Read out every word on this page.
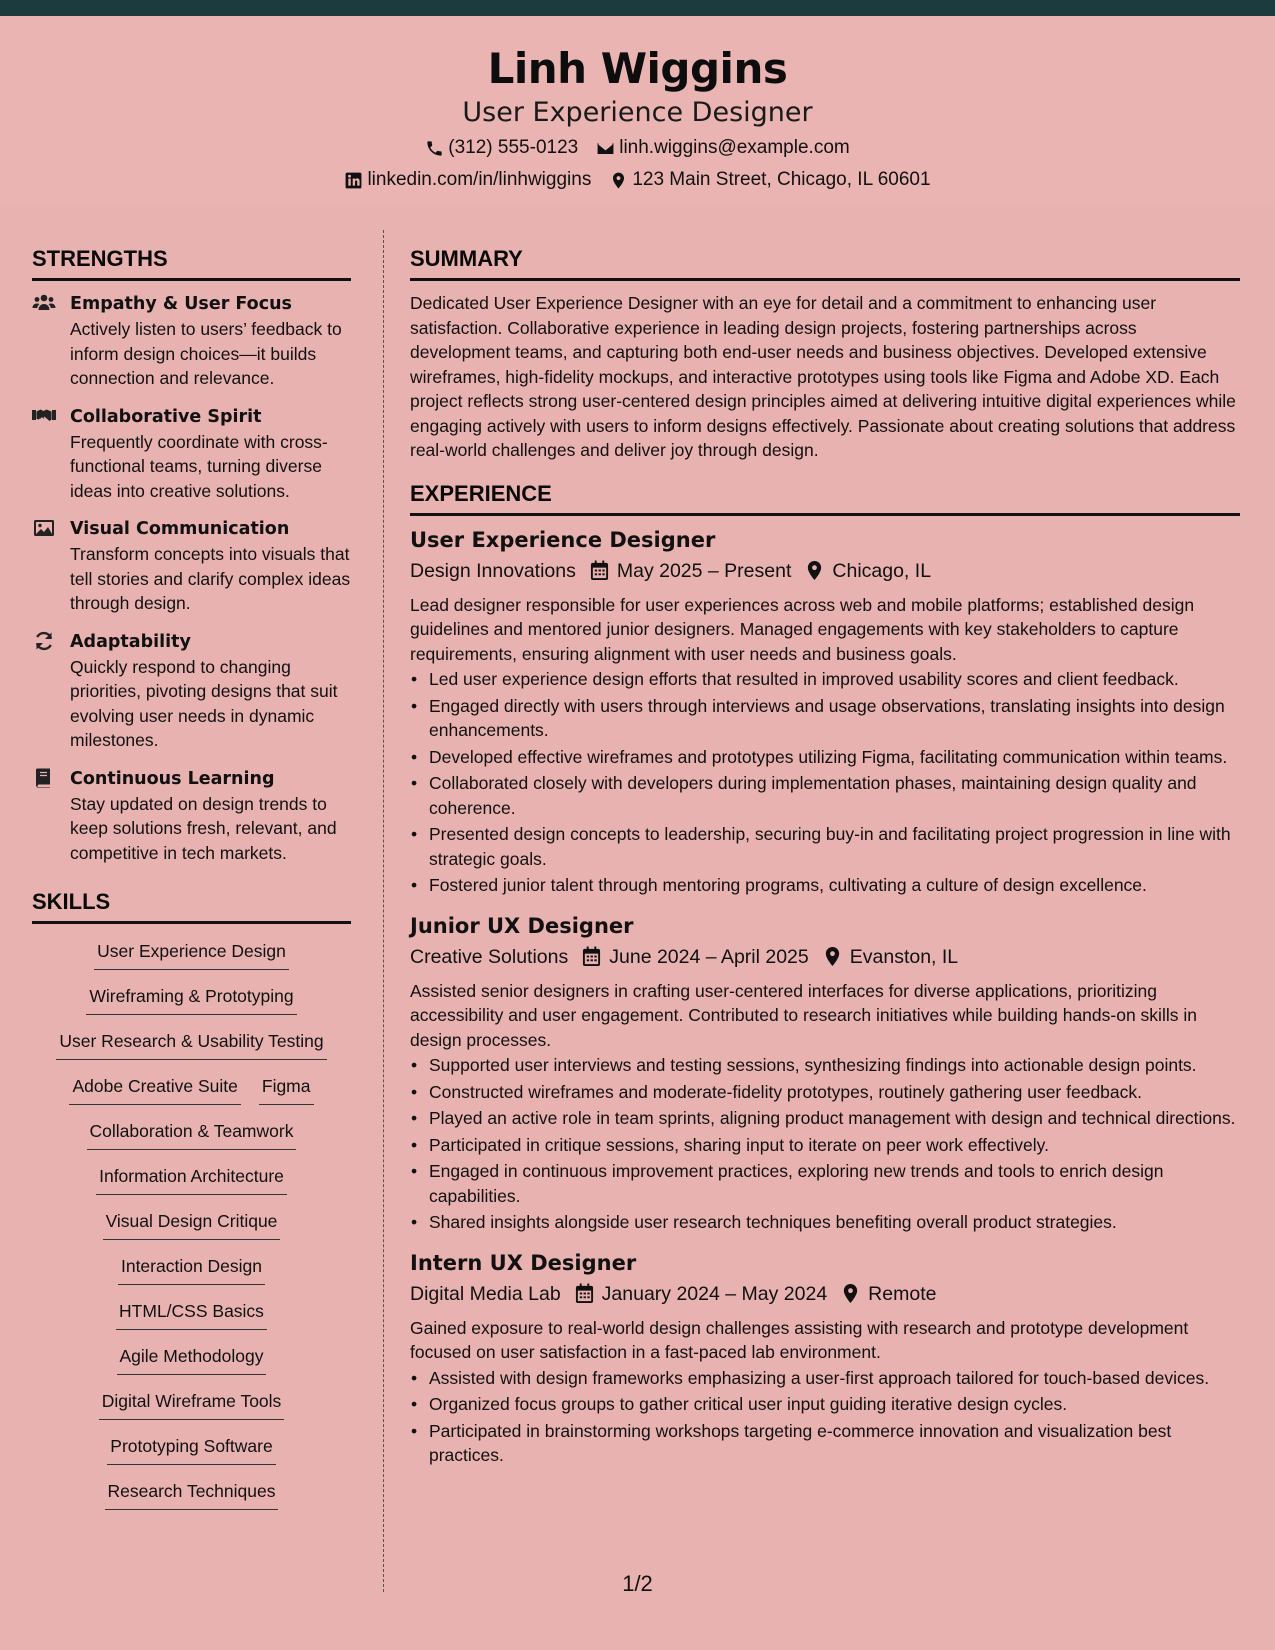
Linh Wiggins
User Experience Designer
(312) 555-0123 linh.wiggins@example.com
linkedin.com/in/linhwiggins 123 Main Street, Chicago, IL 60601
STRENGTHS
Empathy & User Focus
Actively listen to users’ feedback to inform design choices—it builds connection and relevance.
Collaborative Spirit
Frequently coordinate with cross-functional teams, turning diverse ideas into creative solutions.
Visual Communication
Transform concepts into visuals that tell stories and clarify complex ideas through design.
Adaptability
Quickly respond to changing priorities, pivoting designs that suit evolving user needs in dynamic milestones.
Continuous Learning
Stay updated on design trends to keep solutions fresh, relevant, and competitive in tech markets.
SKILLS
User Experience Design
Wireframing & Prototyping
User Research & Usability Testing
Adobe Creative Suite Figma
Collaboration & Teamwork
Information Architecture
Visual Design Critique
Interaction Design
HTML/CSS Basics
Agile Methodology
Digital Wireframe Tools
Prototyping Software
Research Techniques
SUMMARY

Dedicated User Experience Designer with an eye for detail and a commitment to enhancing user satisfaction. Collaborative experience in leading design projects, fostering partnerships across development teams, and capturing both end-user needs and business objectives. Developed extensive wireframes, high-fidelity mockups, and interactive prototypes using tools like Figma and Adobe XD. Each project reflects strong user-centered design principles aimed at delivering intuitive digital experiences while engaging actively with users to inform designs effectively. Passionate about creating solutions that address real-world challenges and deliver joy through design.

EXPERIENCE
User Experience Designer
Design Innovations May 2025 – Present Chicago, IL

Lead designer responsible for user experiences across web and mobile platforms; established design guidelines and mentored junior designers. Managed engagements with key stakeholders to capture requirements, ensuring alignment with user needs and business goals.

• Led user experience design efforts that resulted in improved usability scores and client feedback.
• Engaged directly with users through interviews and usage observations, translating insights into design enhancements.
• Developed effective wireframes and prototypes utilizing Figma, facilitating communication within teams.
• Collaborated closely with developers during implementation phases, maintaining design quality and coherence.
• Presented design concepts to leadership, securing buy-in and facilitating project progression in line with strategic goals.
• Fostered junior talent through mentoring programs, cultivating a culture of design excellence.
Junior UX Designer
Creative Solutions June 2024 – April 2025 Evanston, IL

Assisted senior designers in crafting user-centered interfaces for diverse applications, prioritizing accessibility and user engagement. Contributed to research initiatives while building hands-on skills in design processes.

• Supported user interviews and testing sessions, synthesizing findings into actionable design points.
• Constructed wireframes and moderate-fidelity prototypes, routinely gathering user feedback.
• Played an active role in team sprints, aligning product management with design and technical directions.
• Participated in critique sessions, sharing input to iterate on peer work effectively.
• Engaged in continuous improvement practices, exploring new trends and tools to enrich design capabilities.
• Shared insights alongside user research techniques benefiting overall product strategies.
Intern UX Designer
Digital Media Lab January 2024 – May 2024 Remote

Gained exposure to real-world design challenges assisting with research and prototype development focused on user satisfaction in a fast-paced lab environment.

• Assisted with design frameworks emphasizing a user-first approach tailored for touch-based devices.
• Organized focus groups to gather critical user input guiding iterative design cycles.
• Participated in brainstorming workshops targeting e-commerce innovation and visualization best practices.
1/2
